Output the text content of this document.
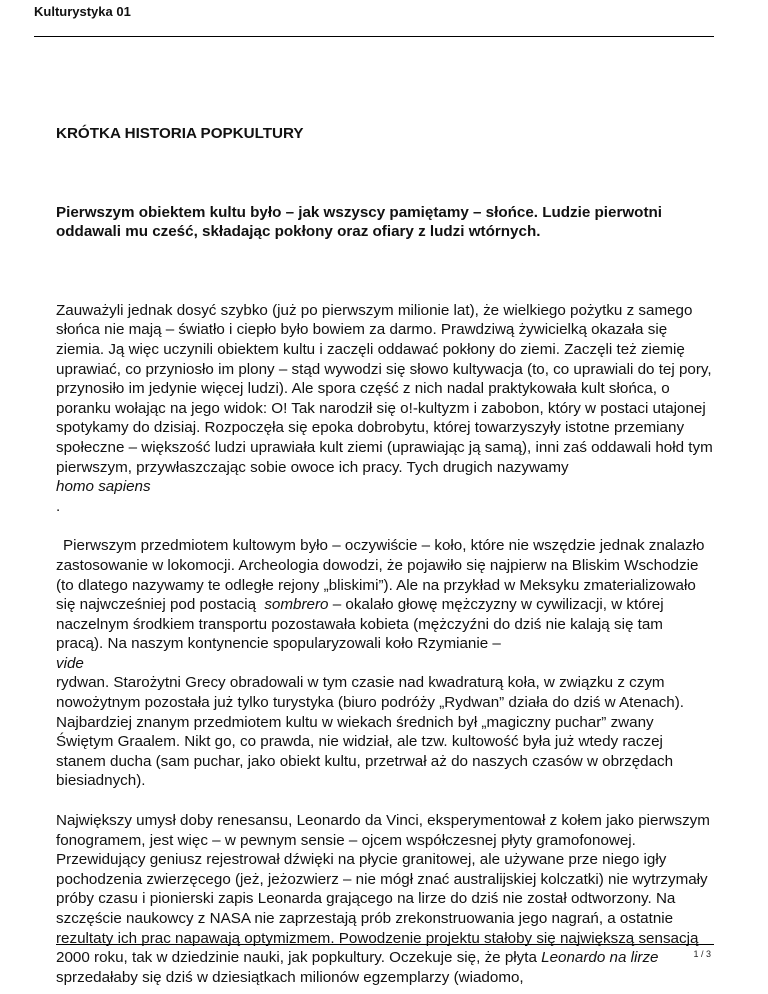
Kulturystyka 01

KRÓTKA HISTORIA POPKULTURY

Pierwszym obiektem kultu było – jak wszyscy pamiętamy – słońce. Ludzie pierwotni oddawali mu cześć, składając pokłony oraz ofiary z ludzi wtórnych.

Zauważyli jednak dosyć szybko (już po pierwszym milionie lat), że wielkiego pożytku z samego słońca nie mają – światło i ciepło było bowiem za darmo. Prawdziwą żywicielką okazała się ziemia. Ją więc uczynili obiektem kultu i zaczęli oddawać pokłony do ziemi. Zaczęli też ziemię uprawiać, co przyniosło im plony – stąd wywodzi się słowo kultywacja (to, co uprawiali do tej pory, przynosiło im jedynie więcej ludzi). Ale spora część z nich nadal praktykowała kult słońca, o poranku wołając na jego widok: O! Tak narodził się o!-kultyzm i zabobon, który w postaci utajonej spotykamy do dzisiaj. Rozpoczęła się epoka dobrobytu, której towarzyszyły istotne przemiany społeczne – większość ludzi uprawiała kult ziemi (uprawiając ją samą), inni zaś oddawali hołd tym pierwszym, przywłaszczając sobie owoce ich pracy. Tych drugich nazywamy
homo sapiens
.

Pierwszym przedmiotem kultowym było – oczywiście – koło, które nie wszędzie jednak znalazło zastosowanie w lokomocji. Archeologia dowodzi, że pojawiło się najpierw na Bliskim Wschodzie (to dlatego nazywamy te odległe rejony „bliskimi”). Ale na przykład w Meksyku zmaterializowało się najwcześniej pod postacią sombrero – okalało głowę mężczyzny w cywilizacji, w której naczelnym środkiem transportu pozostawała kobieta (mężczyźni do dziś nie kalają się tam pracą). Na naszym kontynencie spopularyzowali koło Rzymianie –
vide
rydwan. Starożytni Grecy obradowali w tym czasie nad kwadraturą koła, w związku z czym nowożytnym pozostała już tylko turystyka (biuro podróży „Rydwan” działa do dziś w Atenach). Najbardziej znanym przedmiotem kultu w wiekach średnich był „magiczny puchar” zwany Świętym Graalem. Nikt go, co prawda, nie widział, ale tzw. kultowość była już wtedy raczej stanem ducha (sam puchar, jako obiekt kultu, przetrwał aż do naszych czasów w obrzędach biesiadnych).

Największy umysł doby renesansu, Leonardo da Vinci, eksperymentował z kołem jako pierwszym fonogramem, jest więc – w pewnym sensie – ojcem współczesnej płyty gramofonowej. Przewidujący geniusz rejestrował dźwięki na płycie granitowej, ale używane prze niego igły pochodzenia zwierzęcego (jeż, jeżozwierz – nie mógł znać australijskiej kolczatki) nie wytrzymały próby czasu i pionierski zapis Leonarda grającego na lirze do dziś nie został odtworzony. Na szczęście naukowcy z NASA nie zaprzestają prób zrekonstruowania jego nagrań, a ostatnie rezultaty ich prac napawają optymizmem. Powodzenie projektu stałoby się największą sensacją 2000 roku, tak w dziedzinie nauki, jak popkultury. Oczekuje się, że płyta Leonardo na lirze sprzedałaby się dziś w dziesiątkach milionów egzemplarzy (wiadomo,

1 / 3
